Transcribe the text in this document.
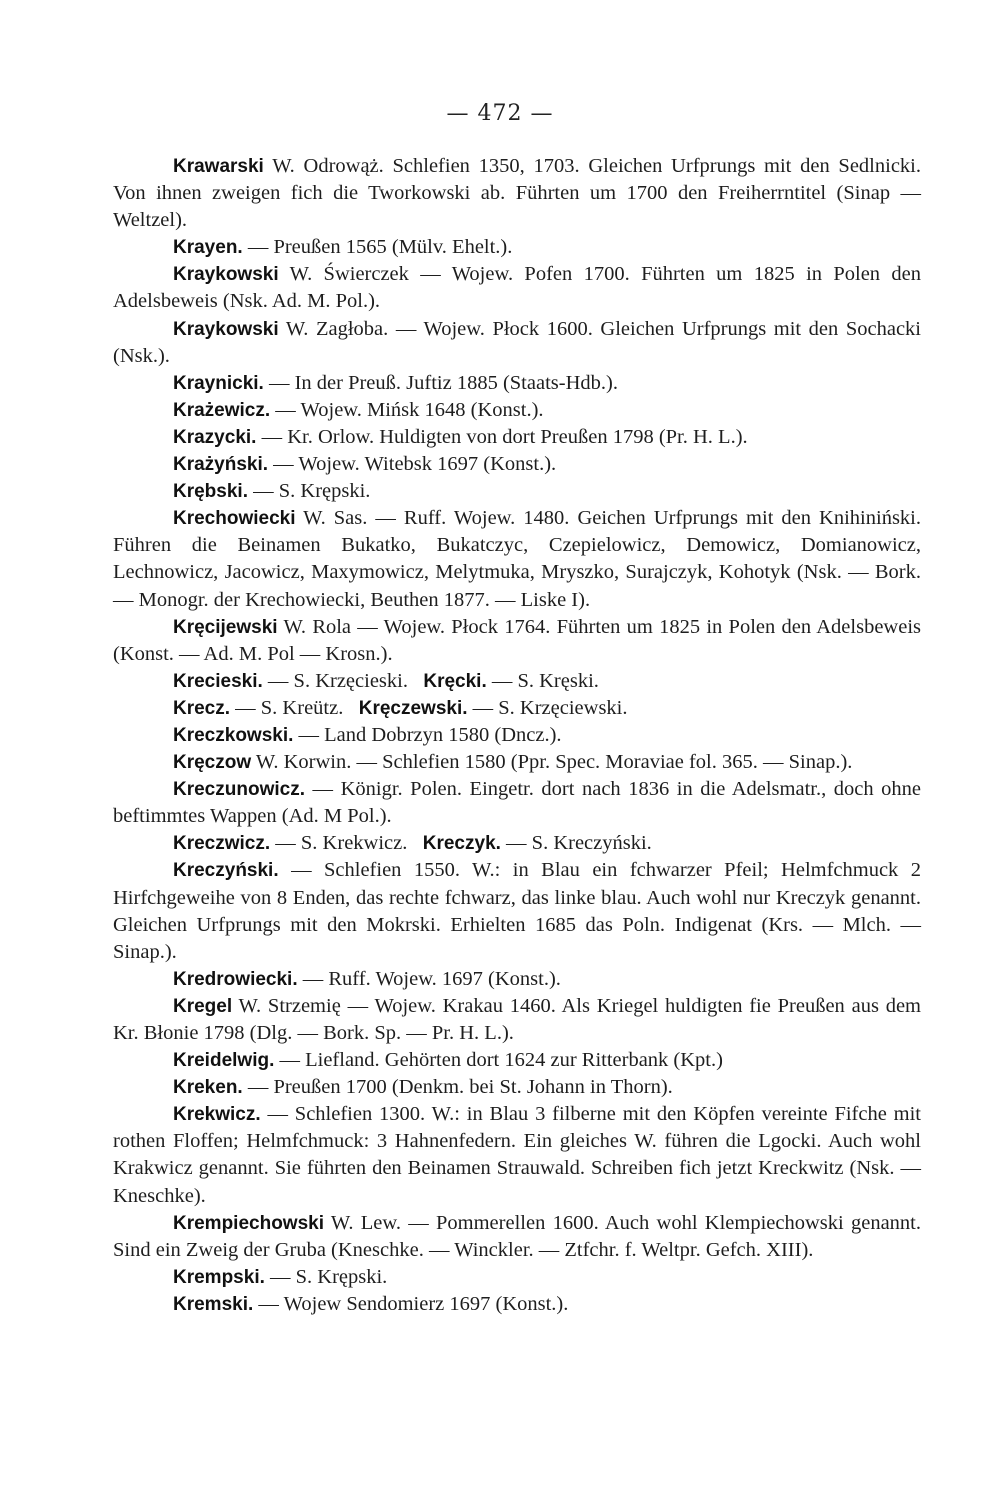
— 472 —

Krawarski W. Odrowąż. Schlefien 1350, 1703. Gleichen Urfprungs mit den Sedlnicki. Von ihnen zweigen fich die Tworkowski ab. Führten um 1700 den Freiherrntitel (Sinap — Weltzel).

Krayen. — Preußen 1565 (Mülv. Ehelt.).

Kraykowski W. Świerczek — Wojew. Pofen 1700. Führten um 1825 in Polen den Adelsbeweis (Nsk. Ad. M. Pol.).

Kraykowski W. Zagłoba. — Wojew. Płock 1600. Gleichen Urfprungs mit den Sochacki (Nsk.).

Kraynicki. — In der Preuß. Juftiz 1885 (Staats-Hdb.).

Krażewicz. — Wojew. Mińsk 1648 (Konst.).

Krazycki. — Kr. Orlow. Huldigten von dort Preußen 1798 (Pr. H. L.).

Krażyński. — Wojew. Witebsk 1697 (Konst.).

Krębski. — S. Krępski.

Krechowiecki W. Sas. — Ruff. Wojew. 1480. Geichen Urfprungs mit den Knihiniński. Führen die Beinamen Bukatko, Bukatczyc, Czepielowicz, Demowicz, Domianowicz, Lechnowicz, Jacowicz, Maxymowicz, Melytmuka, Mryszko, Surajczyk, Kohotyk (Nsk. — Bork. — Monogr. der Krechowiecki, Beuthen 1877. — Liske I).

Kręcijewski W. Rola — Wojew. Płock 1764. Führten um 1825 in Polen den Adelsbeweis (Konst. — Ad. M. Pol — Krosn.).

Krecieski. — S. Krzęcieski. Kręcki. — S. Kręski.

Krecz. — S. Kreütz. Kręczewski. — S. Krzęciewski.

Kreczkowski. — Land Dobrzyn 1580 (Dncz.).

Kręczow W. Korwin. — Schlefien 1580 (Ppr. Spec. Moraviae fol. 365. — Sinap.).

Kreczunowicz. — Königr. Polen. Eingetr. dort nach 1836 in die Adelsmatr., doch ohne beftimmtes Wappen (Ad. M Pol.).

Kreczwicz. — S. Krekwicz. Kreczyk. — S. Kreczyński.

Kreczyński. — Schlefien 1550. W.: in Blau ein fchwarzer Pfeil; Helmfchmuck 2 Hirfchgeweihe von 8 Enden, das rechte fchwarz, das linke blau. Auch wohl nur Kreczyk genannt. Gleichen Urfprungs mit den Mokrski. Erhielten 1685 das Poln. Indigenat (Krs. — Mlch. — Sinap.).

Kredrowiecki. — Ruff. Wojew. 1697 (Konst.).

Kregel W. Strzemię — Wojew. Krakau 1460. Als Kriegel huldigten fie Preußen aus dem Kr. Błonie 1798 (Dlg. — Bork. Sp. — Pr. H. L.).

Kreidelwig. — Liefland. Gehörten dort 1624 zur Ritterbank (Kpt.)

Kreken. — Preußen 1700 (Denkm. bei St. Johann in Thorn).

Krekwicz. — Schlefien 1300. W.: in Blau 3 filberne mit den Köpfen vereinte Fifche mit rothen Floffen; Helmfchmuck: 3 Hahnenfedern. Ein gleiches W. führen die Lgocki. Auch wohl Krakwicz genannt. Sie führten den Beinamen Strauwald. Schreiben fich jetzt Kreckwitz (Nsk. — Kneschke).

Krempiechowski W. Lew. — Pommerellen 1600. Auch wohl Klempiechowski genannt. Sind ein Zweig der Gruba (Kneschke. — Winckler. — Ztfchr. f. Weltpr. Gefch. XIII).

Krempski. — S. Krępski.

Kremski. — Wojew Sendomierz 1697 (Konst.).
